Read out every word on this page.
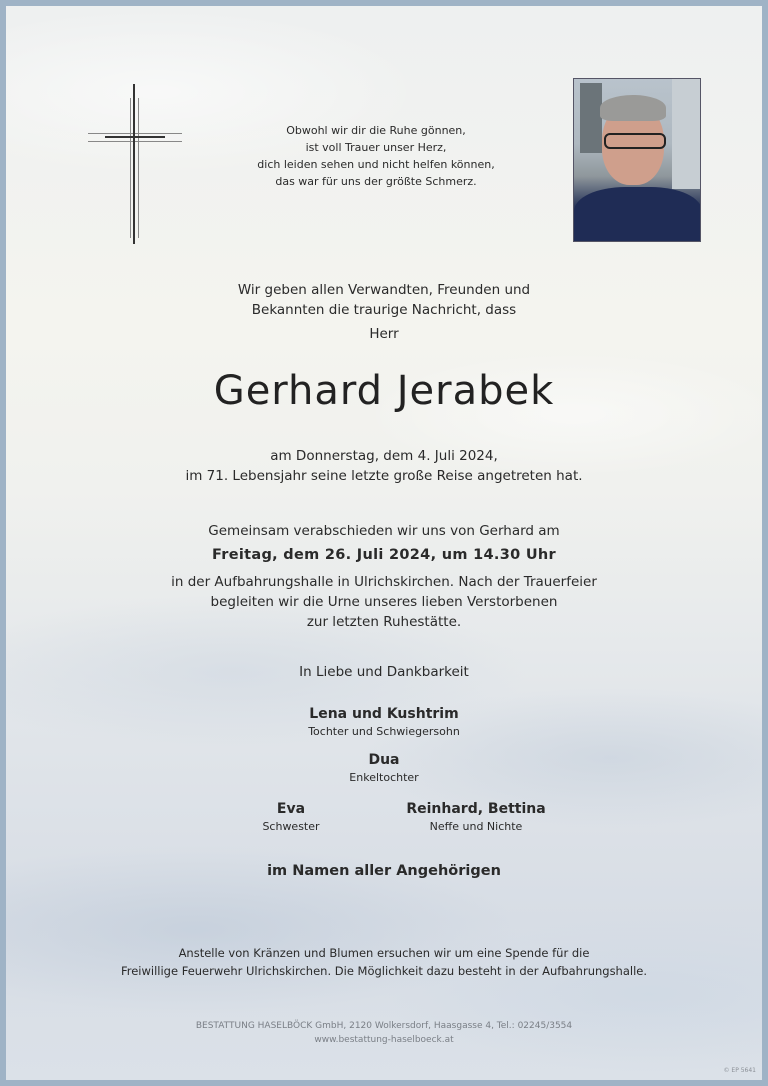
Obwohl wir dir die Ruhe gönnen,
ist voll Trauer unser Herz,
dich leiden sehen und nicht helfen können,
das war für uns der größte Schmerz.
Wir geben allen Verwandten, Freunden und
Bekannten die traurige Nachricht, dass
Herr
Gerhard Jerabek
am Donnerstag, dem 4. Juli 2024,
im 71. Lebensjahr seine letzte große Reise angetreten hat.
Gemeinsam verabschieden wir uns von Gerhard am
Freitag, dem 26. Juli 2024, um 14.30 Uhr
in der Aufbahrungshalle in Ulrichskirchen. Nach der Trauerfeier
begleiten wir die Urne unseres lieben Verstorbenen
zur letzten Ruhestätte.
In Liebe und Dankbarkeit
Lena und Kushtrim
Tochter und Schwiegersohn
Dua
Enkeltochter
Eva
Schwester
Reinhard, Bettina
Neffe und Nichte
im Namen aller Angehörigen
Anstelle von Kränzen und Blumen ersuchen wir um eine Spende für die
Freiwillige Feuerwehr Ulrichskirchen. Die Möglichkeit dazu besteht in der Aufbahrungshalle.
BESTATTUNG HASELBÖCK GmbH, 2120 Wolkersdorf, Haasgasse 4, Tel.: 02245/3554
www.bestattung-haselboeck.at
© EP 5641
